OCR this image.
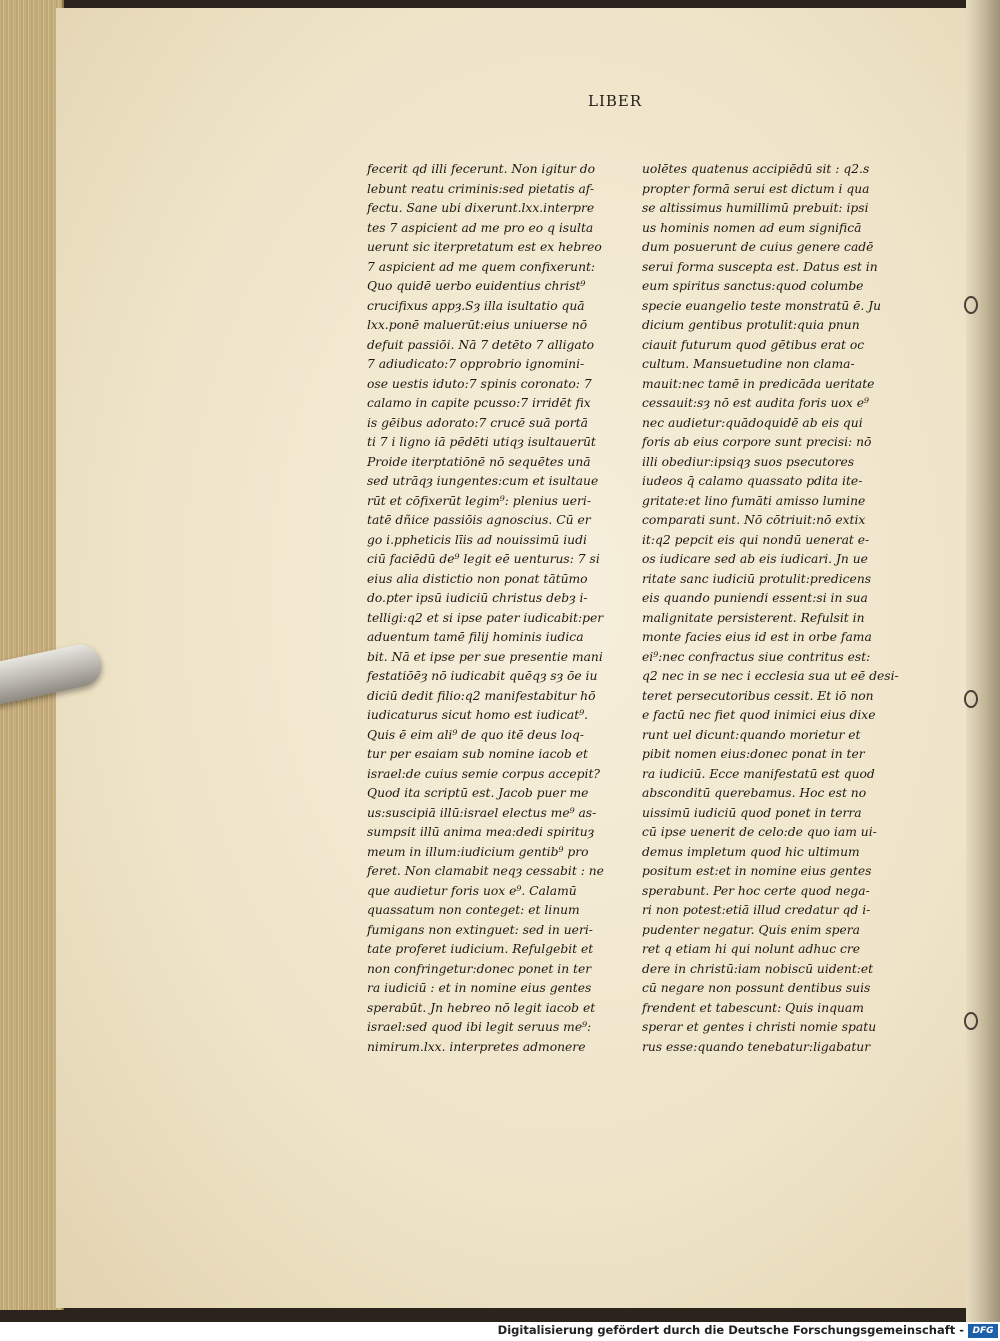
LIBER
fecerit qd illi fecerunt. Non igitur do
lebunt reatu criminis:sed pietatis af-
fectu. Sane ubi dixerunt.lxx.interpre
tes 7 aspicient ad me pro eo q isulta
uerunt sic iterpretatum est ex hebreo
7 aspicient ad me quem confixerunt:
Quo quidē uerbo euidentius christ⁹
crucifixus appȝ.Sȝ illa isultatio quā
lxx.ponē maluerūt:eius uniuerse nō
defuit passiōi. Nā 7 detēto 7 alligato
7 adiudicato:7 opprobrio ignomini-
ose uestis iduto:7 spinis coronato: 7
calamo in capite pcusso:7 irridēt fix
is gēibus adorato:7 crucē suā portā
ti 7 i ligno iā pēdēti utiqȝ isultauerūt
Proide iterptatiōnē nō sequētes unā
sed utrāqȝ iungentes:cum et isultaue
rūt et cōfixerūt legim⁹: plenius ueri-
tatē dñice passiōis agnoscius. Cū er
go i.pphеticis līis ad nouissimū iudi
ciū faciēdū de⁹ legit eē uenturus: 7 si
eius alia distictio non ponat tātūmo
do.pter ipsū iudiciū christus debȝ i-
telligi:q2 et si ipse pater iudicabit:per
aduentum tamē filij hominis iudica
bit. Nā et ipse per sue presentie mani
festatiōēȝ nō iudicabit quēqȝ sȝ ōe iu
diciū dedit filio:q2 manifestabitur hō
iudicaturus sicut homo est iudicat⁹.
Quis ē eim ali⁹ de quo itē deus loq-
tur per esaiam sub nomine iacob et
israel:de cuius semie corpus accepit?
Quod ita scriptū est. Jacob puer me
us:suscipiā illū:israel electus me⁹ as-
sumpsit illū anima mea:dedi spirituȝ
meum in illum:iudicium gentib⁹ pro
feret. Non clamabit neqȝ cessabit : ne
que audietur foris uox e⁹. Calamū
quassatum non conteget: et linum
fumigans non extinguet: sed in ueri-
tate proferet iudicium. Refulgebit et
non confringetur:donec ponet in ter
ra iudiciū : et in nomine eius gentes
sperabūt. Jn hebreo nō legit iacob et
israel:sed quod ibi legit seruus me⁹:
nimirum.lxx. interpretes admonere
uolētes quatenus accipiēdū sit : q2.s
propter formā serui est dictum i qua
se altissimus humillimū prebuit: ipsi
us hominis nomen ad eum significā
dum posuerunt de cuius genere cadē
serui forma suscepta est. Datus est in
eum spiritus sanctus:quod columbe
specie euangelio teste monstratū ē. Ju
dicium gentibus protulit:quia pnun
ciauit futurum quod gētibus erat oc
cultum. Mansuetudine non clama-
mauit:nec tamē in predicāda ueritate
cessauit:sȝ nō est audita foris uox e⁹
nec audietur:quādoquidē ab eis qui
foris ab eius corpore sunt precisi: nō
illi obediur:ipsiqȝ suos psecutores
iudeos q̄ calamo quassato pdita ite-
gritate:et lino fumāti amisso lumine
comparati sunt. Nō cōtriuit:nō extix
it:q2 pepcit eis qui nondū uenerat e-
os iudicare sed ab eis iudicari. Jn ue
ritate sanc iudiciū protulit:predicens
eis quando puniendi essent:si in sua
malignitate persisterent. Refulsit in
monte facies eius id est in orbe fama
ei⁹:nec confractus siue contritus est:
q2 nec in se nec i ecclesia sua ut eē desi-
teret persecutoribus cessit. Et iō non
e factū nec fiet quod inimici eius dixe
runt uel dicunt:quando morietur et
pibit nomen eius:donec ponat in ter
ra iudiciū. Ecce manifestatū est quod
absconditū querebamus. Hoc est no
uissimū iudiciū quod ponet in terra
cū ipse uenerit de celo:de quo iam ui-
demus impletum quod hic ultimum
positum est:et in nomine eius gentes
sperabunt. Per hoc certe quod nega-
ri non potest:etiā illud credatur qd i-
pudenter negatur. Quis enim spera
ret q etiam hi qui nolunt adhuc cre
dere in christū:iam nobiscū uident:et
cū negare non possunt dentibus suis
frendent et tabescunt: Quis inquam
sperar et gentes i christi nomie spatu
rus esse:quando tenebatur:ligabatur
Digitalisierung gefördert durch die Deutsche Forschungsgemeinschaft - DFG
